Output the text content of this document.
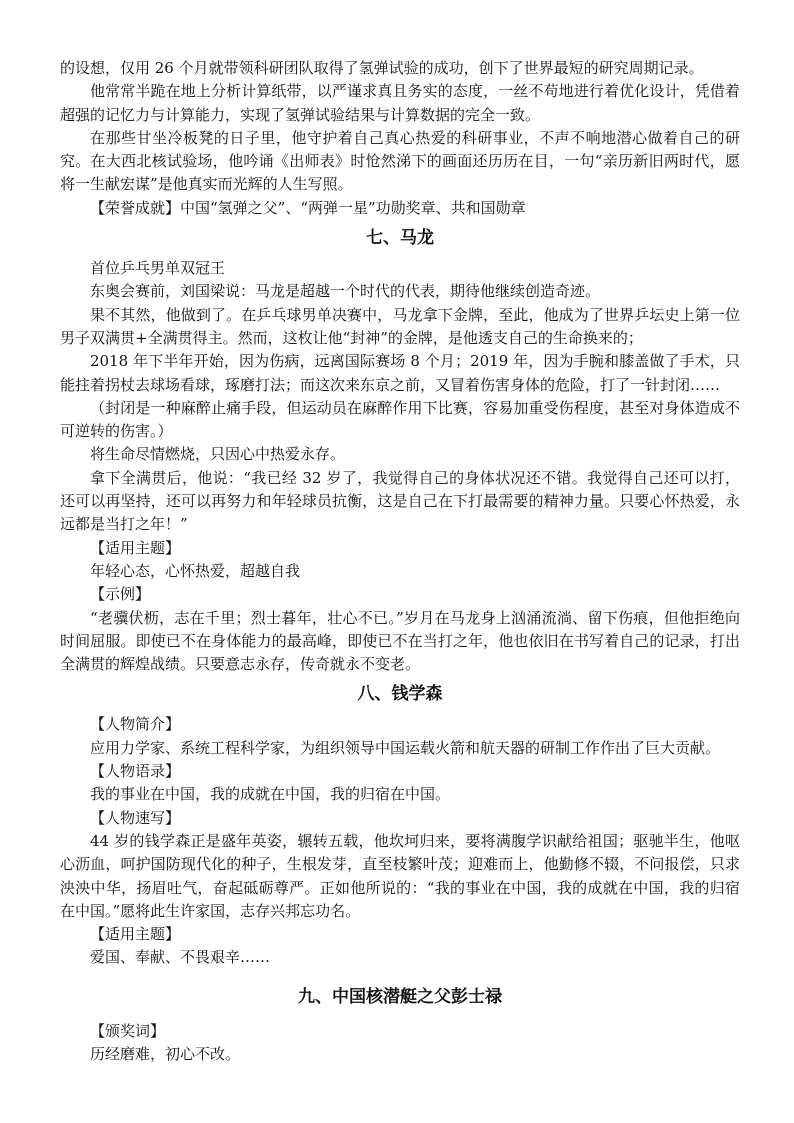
的设想，仅用 26 个月就带领科研团队取得了氢弹试验的成功，创下了世界最短的研究周期记录。

他常常半跪在地上分析计算纸带，以严谨求真且务实的态度，一丝不苟地进行着优化设计，凭借着超强的记忆力与计算能力，实现了氢弹试验结果与计算数据的完全一致。

在那些甘坐冷板凳的日子里，他守护着自己真心热爱的科研事业，不声不响地潜心做着自己的研究。在大西北核试验场，他吟诵《出师表》时怆然涕下的画面还历历在目，一句“亲历新旧两时代，愿将一生献宏谋”是他真实而光辉的人生写照。

【荣誉成就】中国“氢弹之父”、“两弹一星”功勋奖章、共和国勋章

七、马龙

首位乒乓男单双冠王

东奥会赛前，刘国梁说：马龙是超越一个时代的代表，期待他继续创造奇迹。

果不其然，他做到了。在乒乓球男单决赛中，马龙拿下金牌，至此，他成为了世界乒坛史上第一位男子双满贯+全满贯得主。然而，这枚让他“封神”的金牌，是他透支自己的生命换来的；

2018 年下半年开始，因为伤病，远离国际赛场 8 个月；2019 年，因为手腕和膝盖做了手术，只能拄着拐杖去球场看球，琢磨打法；而这次来东京之前，又冒着伤害身体的危险，打了一针封闭……

（封闭是一种麻醉止痛手段，但运动员在麻醉作用下比赛，容易加重受伤程度，甚至对身体造成不可逆转的伤害。）

将生命尽情燃烧，只因心中热爱永存。

拿下全满贯后，他说：“我已经 32 岁了，我觉得自己的身体状况还不错。我觉得自己还可以打，还可以再坚持，还可以再努力和年轻球员抗衡，这是自己在下打最需要的精神力量。只要心怀热爱，永远都是当打之年！”

【适用主题】

年轻心态，心怀热爱，超越自我

【示例】

“老骥伏枥，志在千里；烈士暮年，壮心不已。”岁月在马龙身上汹涌流淌、留下伤痕，但他拒绝向时间屈服。即使已不在身体能力的最高峰，即使已不在当打之年，他也依旧在书写着自己的记录，打出全满贯的辉煌战绩。只要意志永存，传奇就永不变老。

八、钱学森

【人物简介】

应用力学家、系统工程科学家，为组织领导中国运载火箭和航天器的研制工作作出了巨大贡献。

【人物语录】

我的事业在中国，我的成就在中国，我的归宿在中国。

【人物速写】

44 岁的钱学森正是盛年英姿，辗转五载，他坎坷归来，要将满腹学识献给祖国；驱驰半生，他呕心沥血，呵护国防现代化的种子，生根发芽，直至枝繁叶茂；迎难而上，他勤修不辍，不问报偿，只求泱泱中华，扬眉吐气，奋起砥砺尊严。正如他所说的：“我的事业在中国，我的成就在中国，我的归宿在中国。”愿将此生许家国，志存兴邦忘功名。

【适用主题】

爱国、奉献、不畏艰辛……

九、中国核潜艇之父彭士禄

【颁奖词】

历经磨难，初心不改。
